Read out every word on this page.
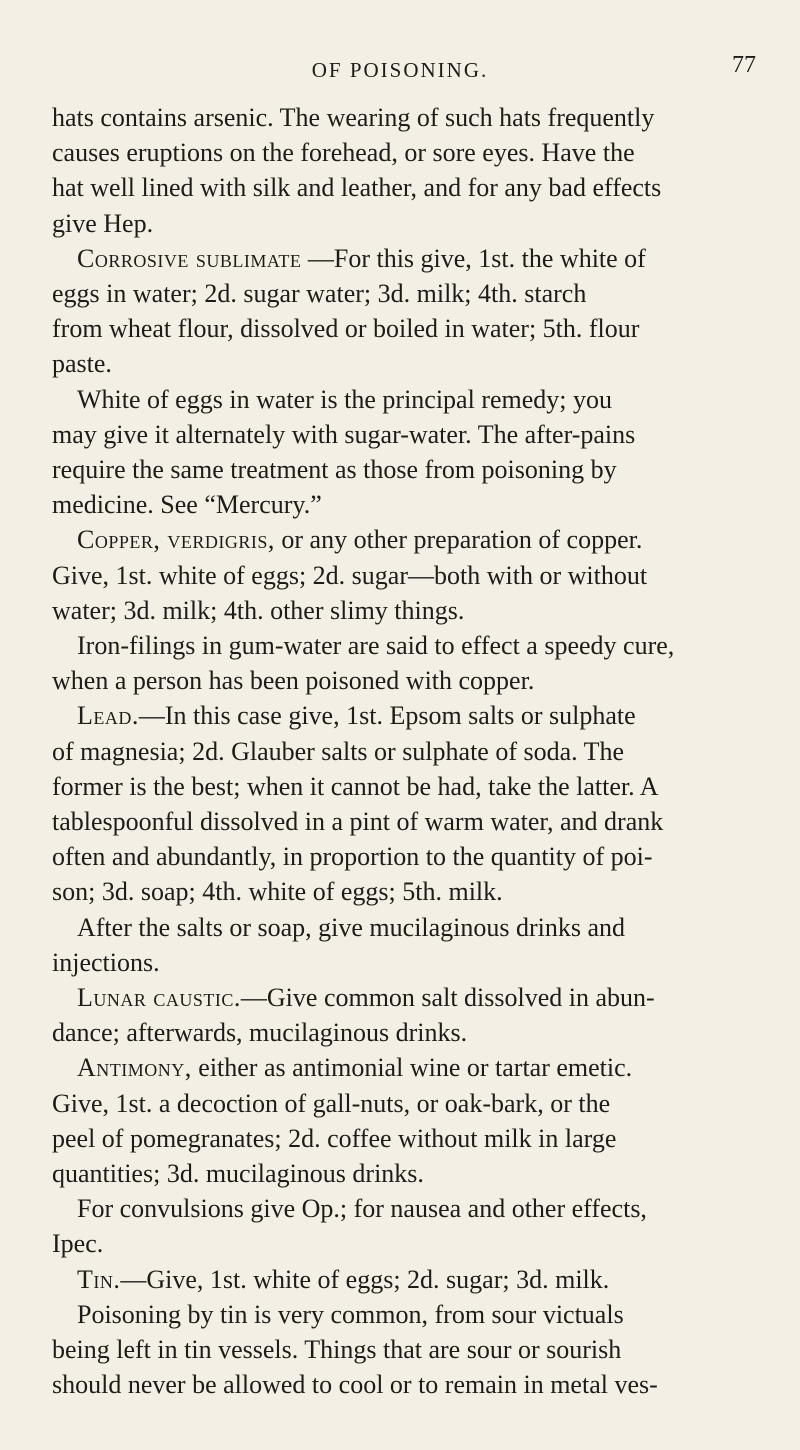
OF POISONING.	77
hats contains arsenic. The wearing of such hats frequently
causes eruptions on the forehead, or sore eyes. Have the
hat well lined with silk and leather, and for any bad effects
give Hep.
Corrosive sublimate —For this give, 1st. the white of
eggs in water; 2d. sugar water; 3d. milk; 4th. starch
from wheat flour, dissolved or boiled in water; 5th. flour
paste.
White of eggs in water is the principal remedy; you
may give it alternately with sugar-water. The after-pains
require the same treatment as those from poisoning by
medicine. See “Mercury.”
Copper, verdigris, or any other preparation of copper.
Give, 1st. white of eggs; 2d. sugar—both with or without
water; 3d. milk; 4th. other slimy things.
Iron-filings in gum-water are said to effect a speedy cure,
when a person has been poisoned with copper.
Lead.—In this case give, 1st. Epsom salts or sulphate
of magnesia; 2d. Glauber salts or sulphate of soda. The
former is the best; when it cannot be had, take the latter. A
tablespoonful dissolved in a pint of warm water, and drank
often and abundantly, in proportion to the quantity of poi-
son; 3d. soap; 4th. white of eggs; 5th. milk.
After the salts or soap, give mucilaginous drinks and
injections.
Lunar caustic.—Give common salt dissolved in abun-
dance; afterwards, mucilaginous drinks.
Antimony, either as antimonial wine or tartar emetic.
Give, 1st. a decoction of gall-nuts, or oak-bark, or the
peel of pomegranates; 2d. coffee without milk in large
quantities; 3d. mucilaginous drinks.
For convulsions give Op.; for nausea and other effects,
Ipec.
Tin.—Give, 1st. white of eggs; 2d. sugar; 3d. milk.
Poisoning by tin is very common, from sour victuals
being left in tin vessels. Things that are sour or sourish
should never be allowed to cool or to remain in metal ves-
